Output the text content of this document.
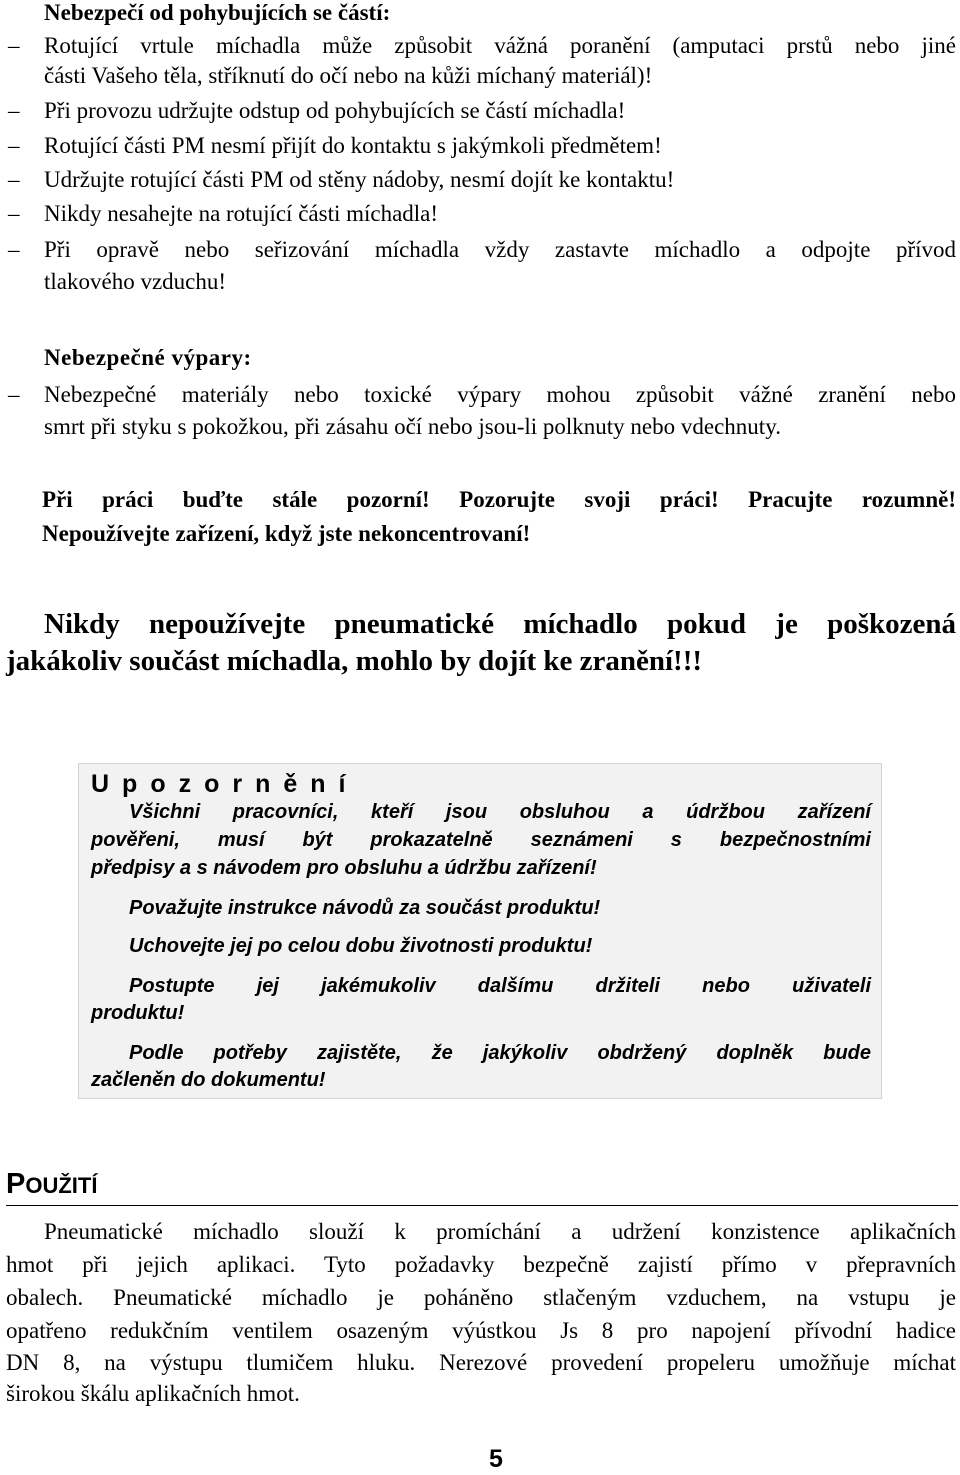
Nebezpečí od pohybujících se částí:
– Rotující vrtule míchadla může způsobit vážná poranění (amputaci prstů nebo jiné
části Vašeho těla, stříknutí do očí nebo na kůži míchaný materiál)!
– Při provozu udržujte odstup od pohybujících se částí míchadla!
– Rotující části PM nesmí přijít do kontaktu s jakýmkoli předmětem!
– Udržujte rotující části PM od stěny nádoby, nesmí dojít ke kontaktu!
– Nikdy nesahejte na rotující části míchadla!
– Při opravě nebo seřizování míchadla vždy zastavte míchadlo a odpojte přívod
tlakového vzduchu!
Nebezpečné výpary:
– Nebezpečné materiály nebo toxické výpary mohou způsobit vážné zranění nebo
smrt při styku s pokožkou, při zásahu očí nebo jsou-li polknuty nebo vdechnuty.
Při práci buďte stále pozorní! Pozorujte svoji práci! Pracujte rozumně!
Nepoužívejte zařízení, když jste nekoncentrovaní!
Nikdy nepoužívejte pneumatické míchadlo pokud je poškozená
jakákoliv součást míchadla, mohlo by dojít ke zranění!!!
Upozornění
Všichni pracovníci, kteří jsou obsluhou a údržbou zařízení
pověřeni, musí být prokazatelně seznámeni s bezpečnostními
předpisy a s návodem pro obsluhu a údržbu zařízení!
Považujte instrukce návodů za součást produktu!
Uchovejte jej po celou dobu životnosti produktu!
Postupte jej jakémukoliv dalšímu držiteli nebo uživateli
produktu!
Podle potřeby zajistěte, že jakýkoliv obdržený doplněk bude
začleněn do dokumentu!
POUŽITÍ
Pneumatické míchadlo slouží k promíchání a udržení konzistence aplikačních
hmot při jejich aplikaci. Tyto požadavky bezpečně zajistí přímo v přepravních
obalech. Pneumatické míchadlo je poháněno stlačeným vzduchem, na vstupu je
opatřeno redukčním ventilem osazeným výústkou Js 8 pro napojení přívodní hadice
DN 8, na výstupu tlumičem hluku. Nerezové provedení propeleru umožňuje míchat
širokou škálu aplikačních hmot.
5
